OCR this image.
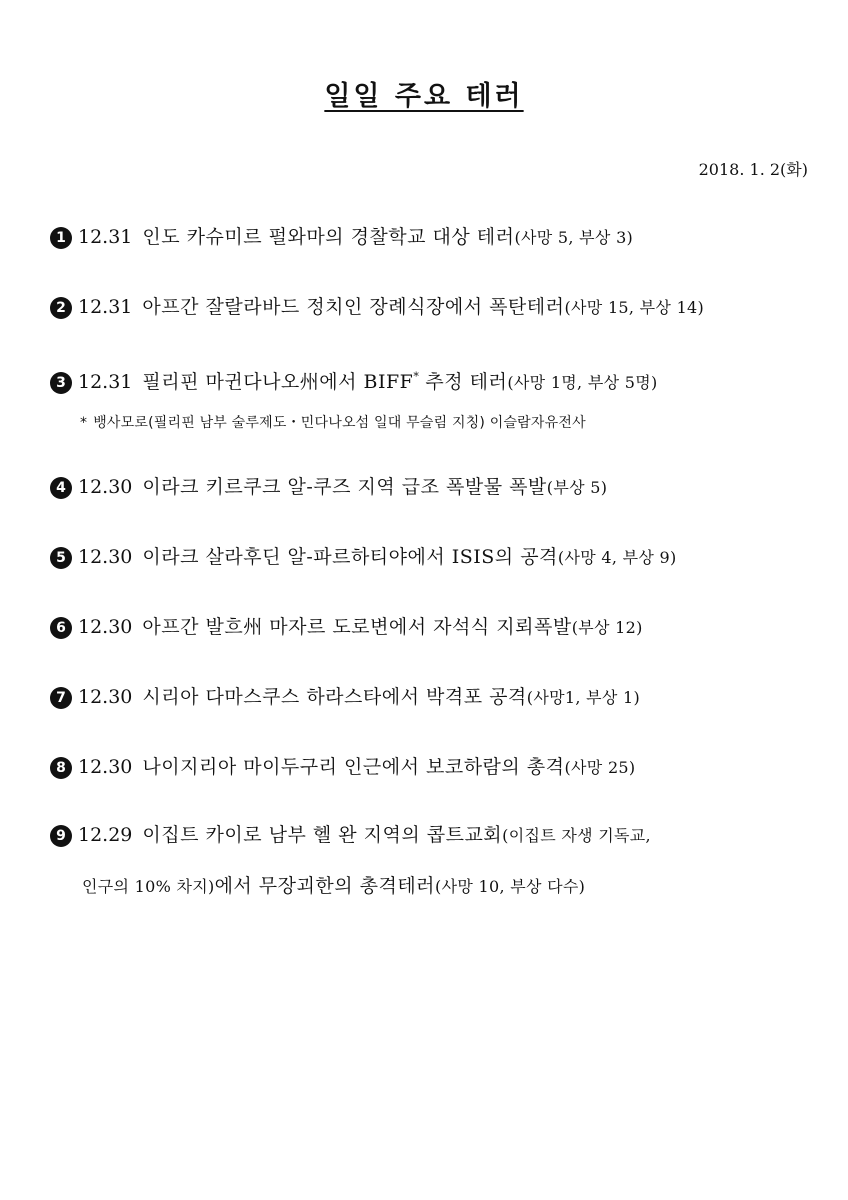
일일 주요 테러
2018. 1. 2(화)
1 12.31 인도 카슈미르 펄와마의 경찰학교 대상 테러(사망 5, 부상 3)
2 12.31 아프간 잘랄라바드 정치인 장례식장에서 폭탄테러(사망 15, 부상 14)
3 12.31 필리핀 마귄다나오州에서 BIFF* 추정 테러(사망 1명, 부상 5명)
* 뱅사모로(필리핀 남부 술루제도・민다나오섬 일대 무슬림 지칭) 이슬람자유전사
4 12.30 이라크 키르쿠크 알-쿠즈 지역 급조 폭발물 폭발(부상 5)
5 12.30 이라크 살라후딘 알-파르하티야에서 ISIS의 공격(사망 4, 부상 9)
6 12.30 아프간 발흐州 마자르 도로변에서 자석식 지뢰폭발(부상 12)
7 12.30 시리아 다마스쿠스 하라스타에서 박격포 공격(사망1, 부상 1)
8 12.30 나이지리아 마이두구리 인근에서 보코하람의 총격(사망 25)
9 12.29 이집트 카이로 남부 헬 완 지역의 콥트교회(이집트 자생 기독교,
인구의 10% 차지)에서 무장괴한의 총격테러(사망 10, 부상 다수)
